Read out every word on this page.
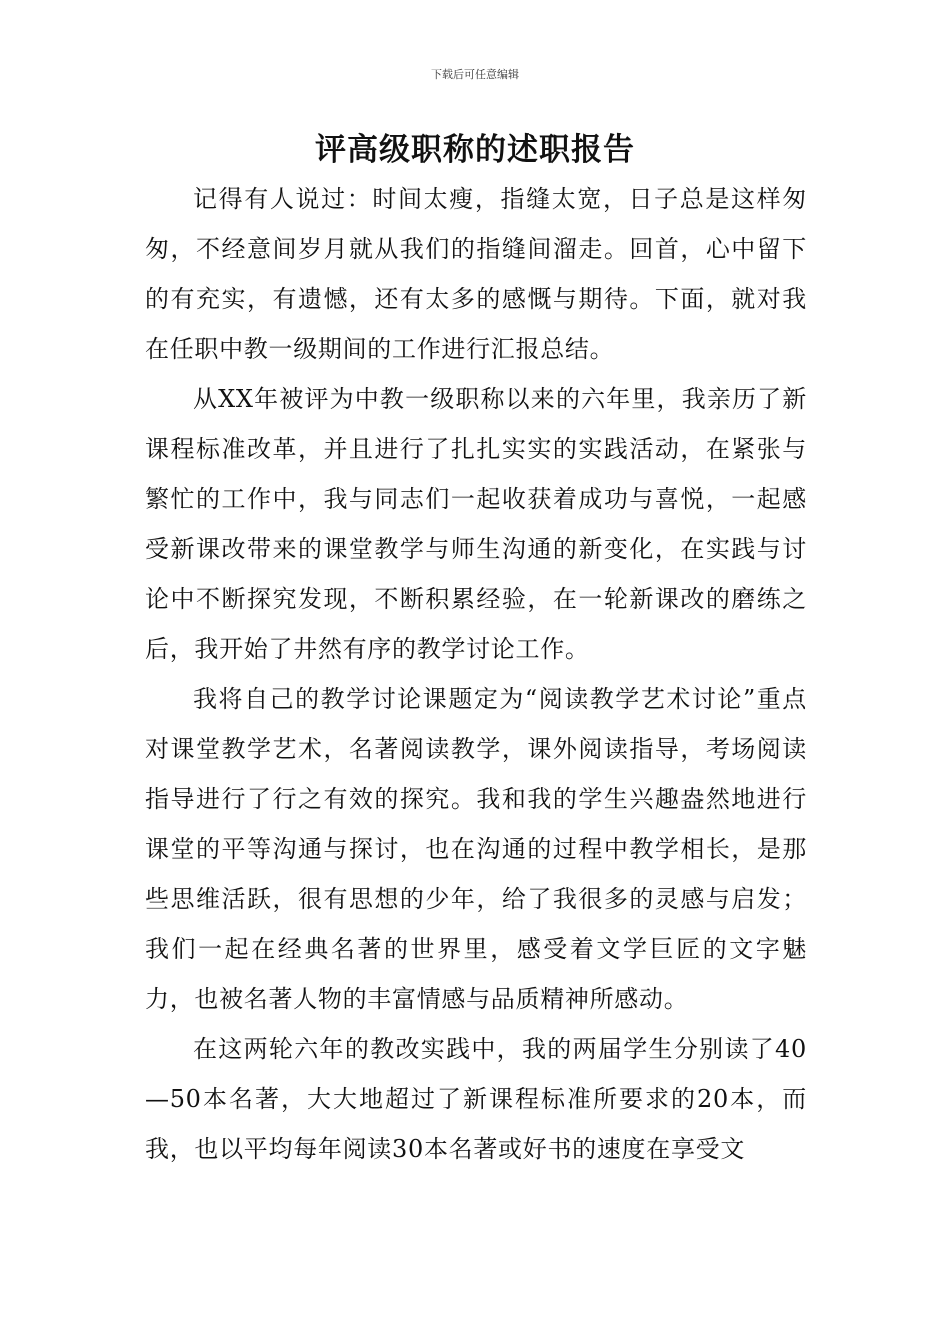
下载后可任意编辑
评高级职称的述职报告

记得有人说过：时间太瘦，指缝太宽，日子总是这样匆匆，不经意间岁月就从我们的指缝间溜走。回首，心中留下的有充实，有遗憾，还有太多的感慨与期待。下面，就对我在任职中教一级期间的工作进行汇报总结。

从XX年被评为中教一级职称以来的六年里，我亲历了新课程标准改革，并且进行了扎扎实实的实践活动，在紧张与繁忙的工作中，我与同志们一起收获着成功与喜悦，一起感受新课改带来的课堂教学与师生沟通的新变化，在实践与讨论中不断探究发现，不断积累经验，在一轮新课改的磨练之后，我开始了井然有序的教学讨论工作。

我将自己的教学讨论课题定为“阅读教学艺术讨论”重点对课堂教学艺术，名著阅读教学，课外阅读指导，考场阅读指导进行了行之有效的探究。我和我的学生兴趣盎然地进行课堂的平等沟通与探讨，也在沟通的过程中教学相长，是那些思维活跃，很有思想的少年，给了我很多的灵感与启发；我们一起在经典名著的世界里，感受着文学巨匠的文字魅力，也被名著人物的丰富情感与品质精神所感动。

在这两轮六年的教改实践中，我的两届学生分别读了40—50本名著，大大地超过了新课程标准所要求的20本，而我，也以平均每年阅读30本名著或好书的速度在享受文
